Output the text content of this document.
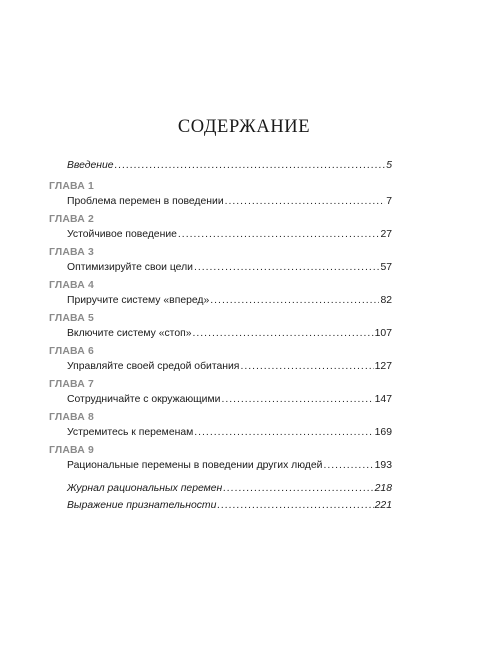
СОДЕРЖАНИЕ
Введение .....	5
ГЛАВА 1
Проблема перемен в поведении .....	7
ГЛАВА 2
Устойчивое поведение .....	27
ГЛАВА 3
Оптимизируйте свои цели .....	57
ГЛАВА 4
Приручите систему «вперед» .....	82
ГЛАВА 5
Включите систему «стоп» .....	107
ГЛАВА 6
Управляйте своей средой обитания .....	127
ГЛАВА 7
Сотрудничайте с окружающими .....	147
ГЛАВА 8
Устремитесь к переменам .....	169
ГЛАВА 9
Рациональные перемены в поведении других людей .....	193
Журнал рациональных перемен .....	218
Выражение признательности .....	221
